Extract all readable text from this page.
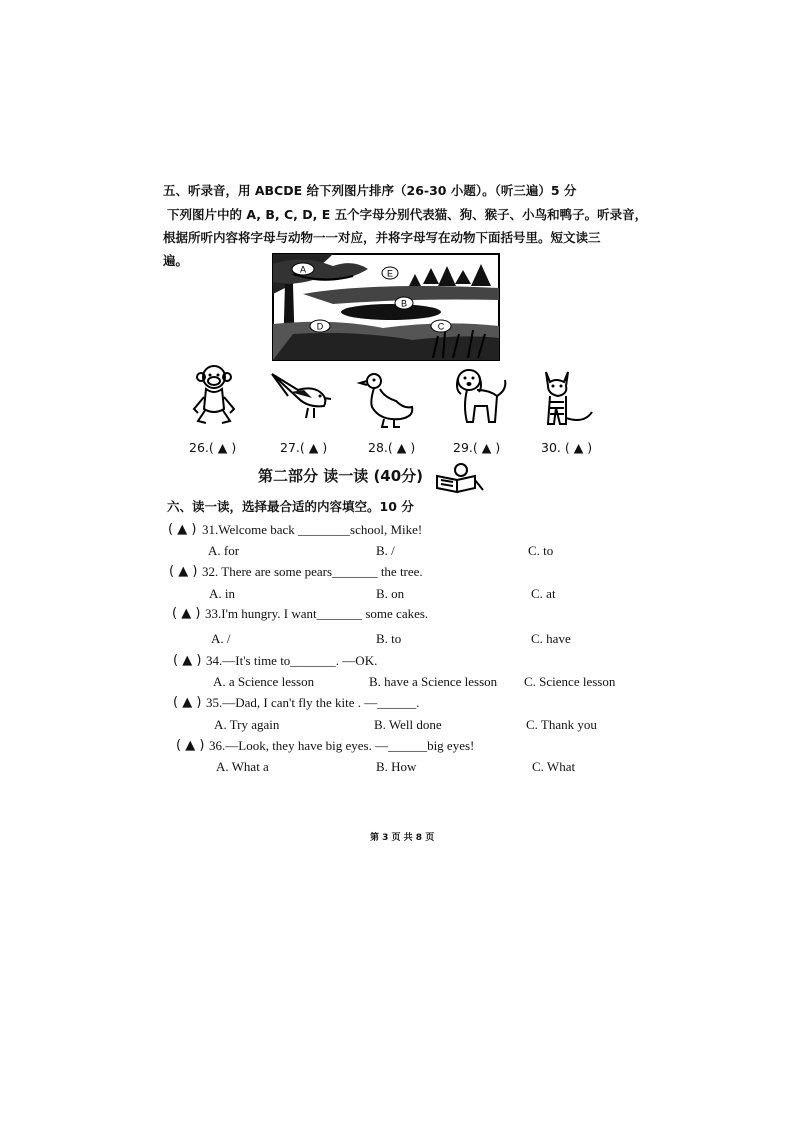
五、听录音，用 ABCDE 给下列图片排序（26-30 小题）。（听三遍）5 分
下列图片中的 A, B, C, D, E 五个字母分别代表猫、狗、猴子、小鸟和鸭子。听录音，
根据所听内容将字母与动物一一对应，并将字母写在动物下面括号里。短文读三
遍。
A	E
B
C
D
26.( ▲ )	27.( ▲ )	28.( ▲ )	29.( ▲ )	30. ( ▲ )
第二部分 读一读 (40分)
六、读一读，选择最合适的内容填空。10 分
( ▲ ) 31.Welcome back ________school, Mike!
A. for	B. /	C. to
( ▲ ) 32. There are some pears_______ the tree.
A. in	B. on	C. at
( ▲ ) 33.I'm hungry. I want_______ some cakes.
A. /	B. to	C. have
( ▲ ) 34.—It's time to_______. —OK.
A. a Science lesson	B. have a Science lesson C. Science lesson
( ▲ ) 35.—Dad, I can't fly the kite . —______.
A. Try again	B. Well done	C. Thank you
( ▲ ) 36.—Look, they have big eyes. —______big eyes!
A. What a	B. How	C. What
第 3 页 共 8 页
